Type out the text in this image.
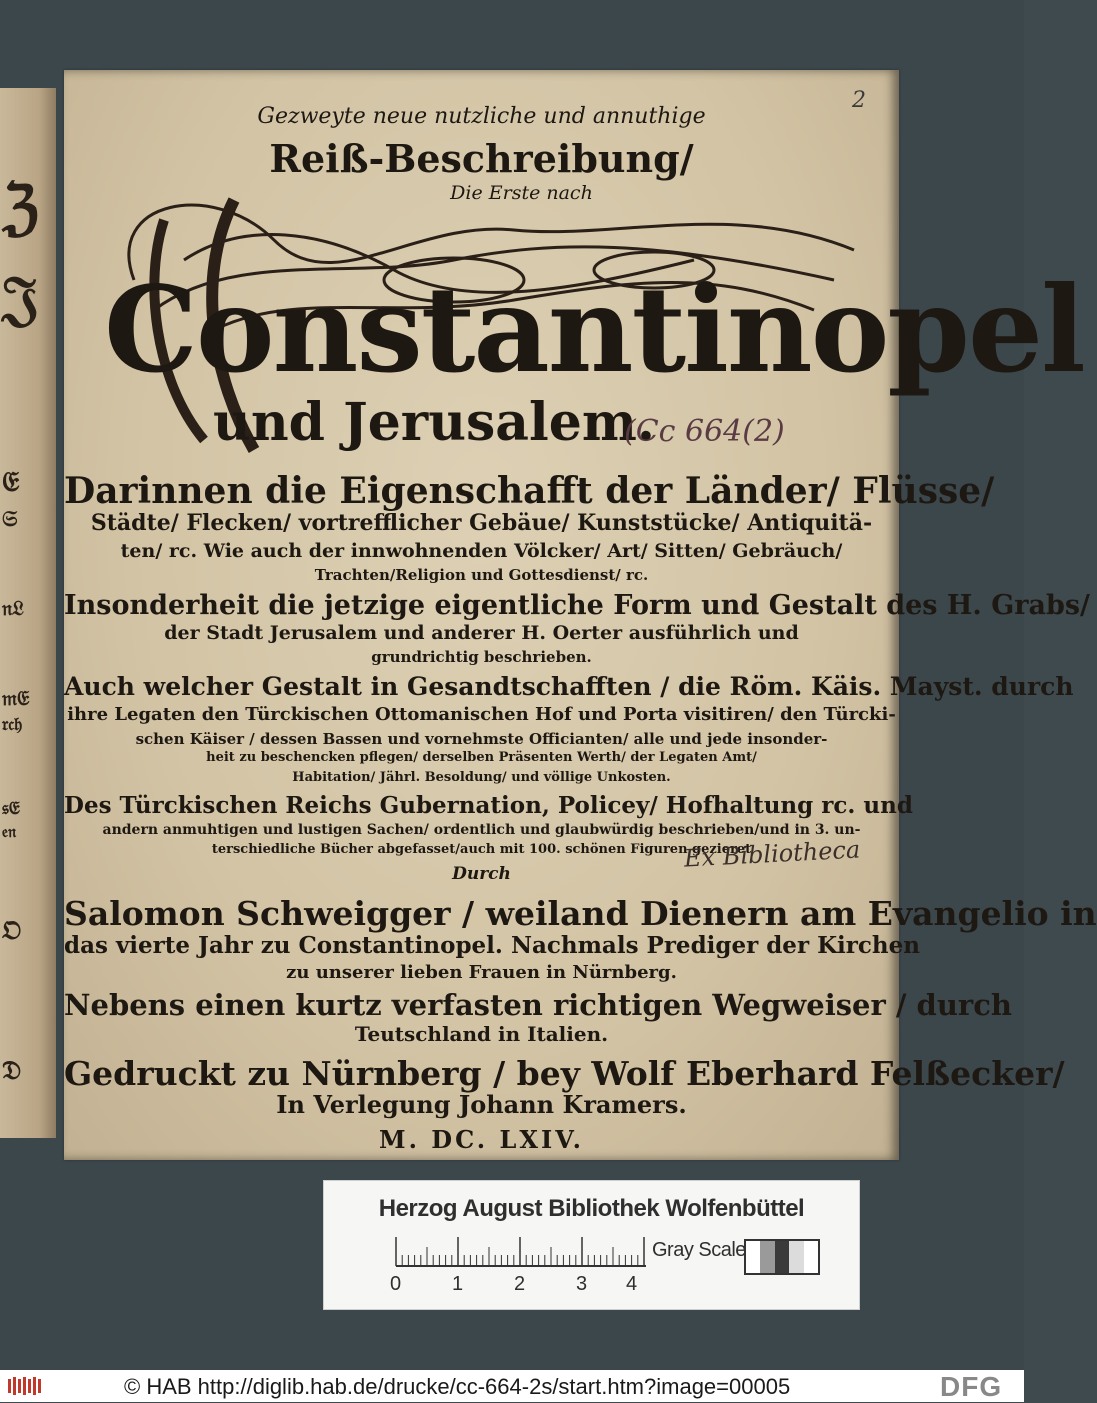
ℨ
𝔍
𝔈
𝔖
𝔫𝔏
𝔪𝔈
𝔯𝔠𝔥
𝔰𝔈
𝔢𝔫
𝔒
𝔇
Gezweyte neue nutzliche und annuthige
Reiß-Beschreibung/
Die Erste nach
Constantinopel
und Jerusalem.
(Cc 664(2)
Darinnen die Eigenschafft der Länder/ Flüsse/
Städte/ Flecken/ vortrefflicher Gebäue/ Kunststücke/ Antiquitä-
ten/ rc. Wie auch der innwohnenden Völcker/ Art/ Sitten/ Gebräuch/
Trachten/Religion und Gottesdienst/ rc.
Insonderheit die jetzige eigentliche Form und Gestalt des H. Grabs/
der Stadt Jerusalem und anderer H. Oerter ausführlich und
grundrichtig beschrieben.
Auch welcher Gestalt in Gesandtschafften / die Röm. Käis. Mayst. durch
ihre Legaten den Türckischen Ottomanischen Hof und Porta visitiren/ den Türcki-
schen Käiser / dessen Bassen und vornehmste Officianten/ alle und jede insonder-
heit zu beschencken pflegen/ derselben Präsenten Werth/ der Legaten Amt/
Habitation/ Jährl. Besoldung/ und völlige Unkosten.
Des Türckischen Reichs Gubernation, Policey/ Hofhaltung rc. und
andern anmuhtigen und lustigen Sachen/ ordentlich und glaubwürdig beschrieben/und in 3. un-
terschiedliche Bücher abgefasset/auch mit 100. schönen Figuren gezieret
Durch
Salomon Schweigger / weiland Dienern am Evangelio in
das vierte Jahr zu Constantinopel. Nachmals Prediger der Kirchen
zu unserer lieben Frauen in Nürnberg.
Nebens einen kurtz verfasten richtigen Wegweiser / durch
Teutschland in Italien.
Gedruckt zu Nürnberg / bey Wolf Eberhard Felßecker/
In Verlegung Johann Kramers.
M. DC. LXIV.
Ex Bibliotheca
2
Herzog August Bibliothek Wolfenbüttel
0	1	2	3 4
Gray Scale
© HAB http://diglib.hab.de/drucke/cc-664-2s/start.htm?image=00005	DFG
